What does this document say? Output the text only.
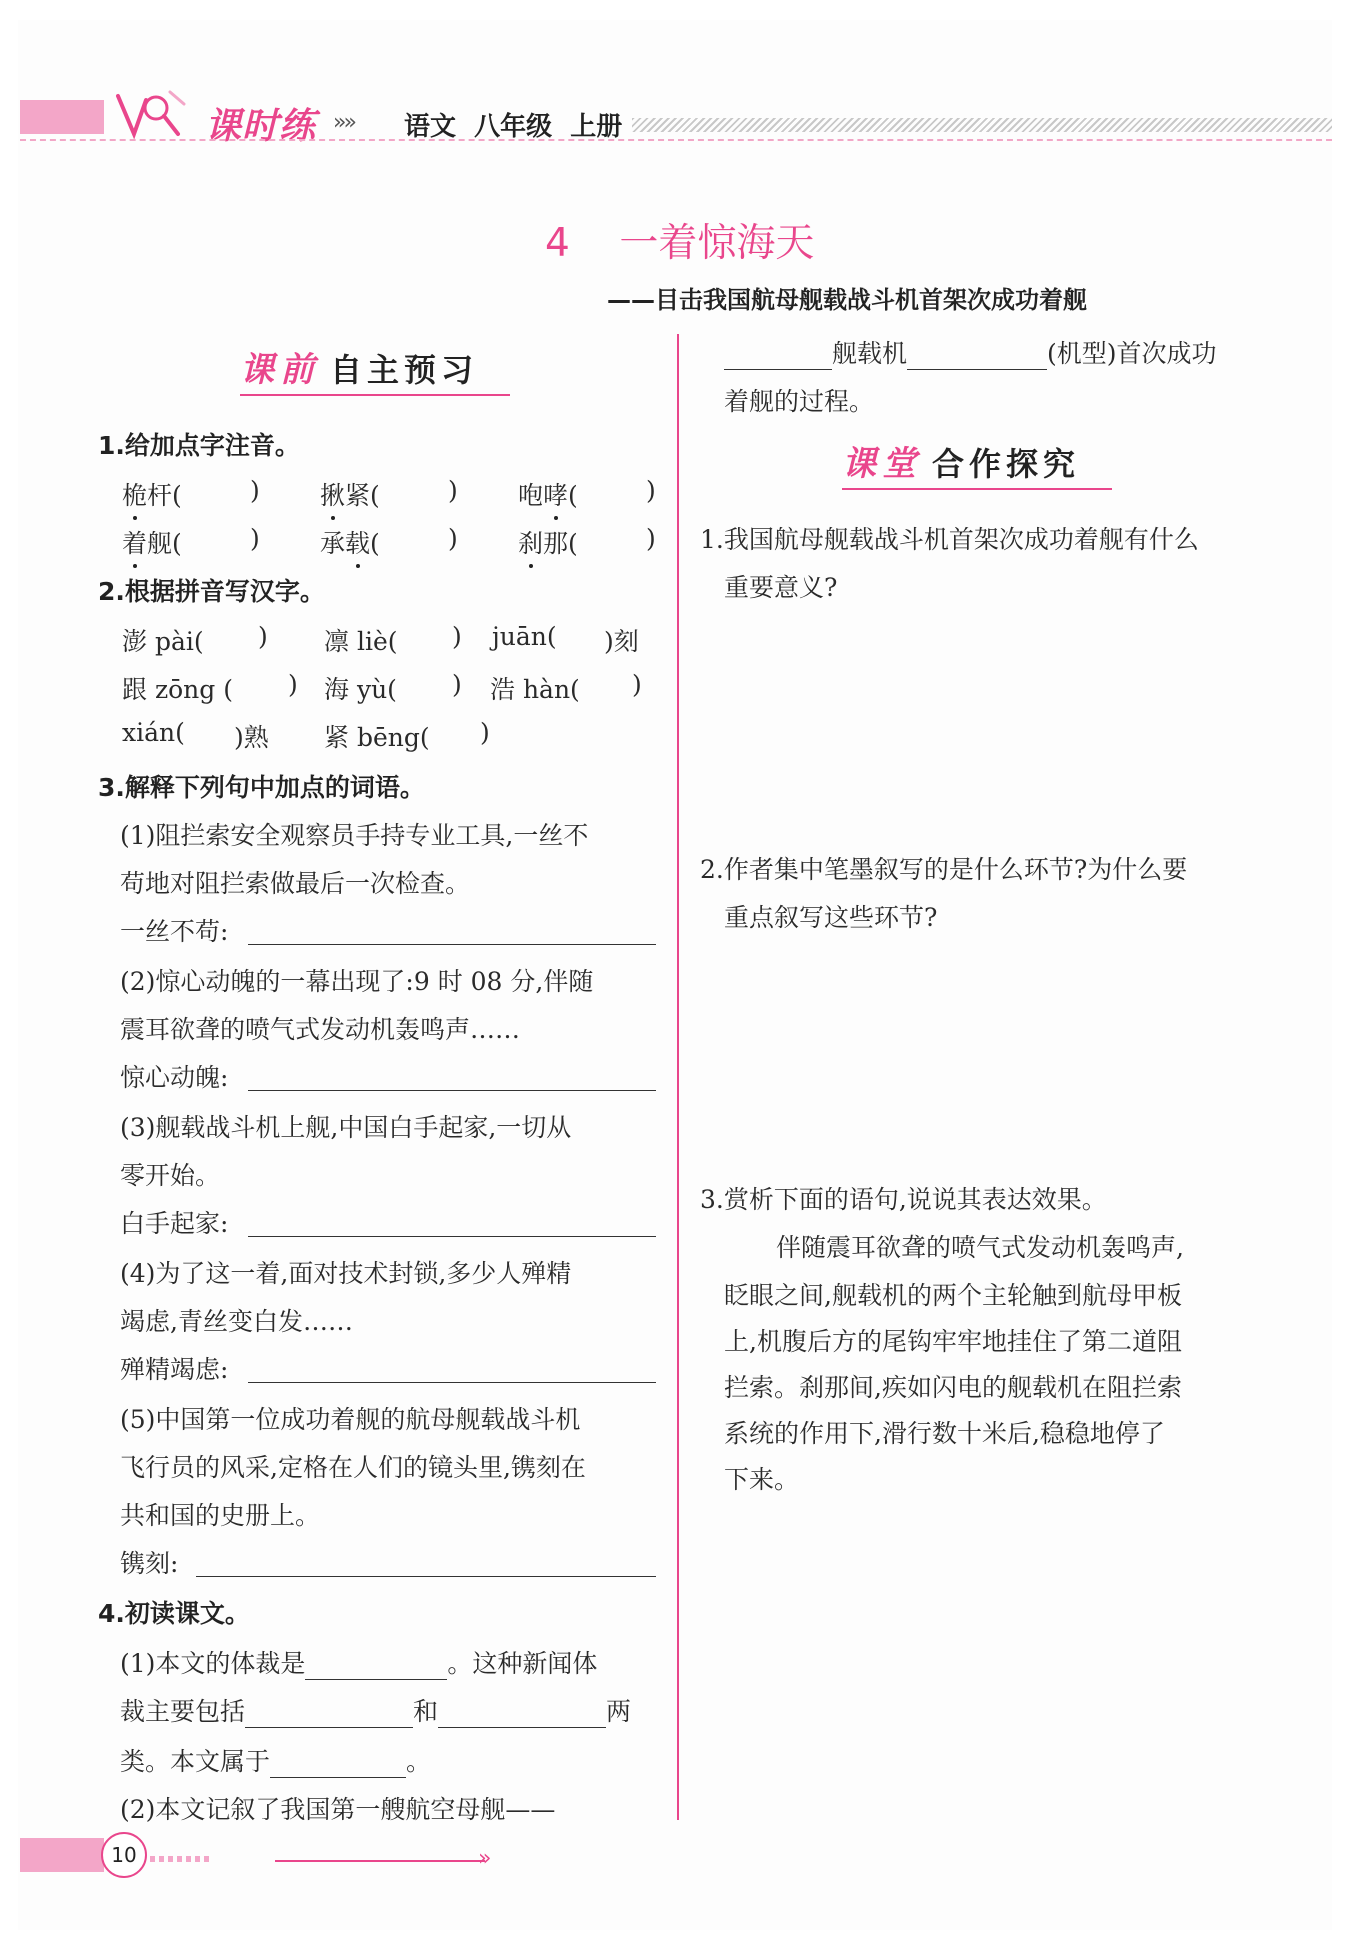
课时练 »» 语文  八年级  上册
4    一着惊海天
——目击我国航母舰载战斗机首架次成功着舰
课前 自主预习
1.给加点字注音。
桅杆(	) 揪紧(	) 咆哮(	)
着舰(	) 承载(	) 刹那(	)
2.根据拼音写汉字。
澎 pài( ) 凛 liè( ) juān( )刻
跟 zōng ( ) 海 yù( ) 浩 hàn( )
xián( )熟 紧 bēng( )
3.解释下列句中加点的词语。
(1)阻拦索安全观察员手持专业工具,一丝不
苟地对阻拦索做最后一次检查。
一丝不苟:
(2)惊心动魄的一幕出现了:9 时 08 分,伴随
震耳欲聋的喷气式发动机轰鸣声……
惊心动魄:
(3)舰载战斗机上舰,中国白手起家,一切从
零开始。
白手起家:
(4)为了这一着,面对技术封锁,多少人殚精
竭虑,青丝变白发……
殚精竭虑:
(5)中国第一位成功着舰的航母舰载战斗机
飞行员的风采,定格在人们的镜头里,镌刻在
共和国的史册上。
镌刻:
4.初读课文。
(1)本文的体裁是	。这种新闻体
裁主要包括	和	两
类。本文属于	。
(2)本文记叙了我国第一艘航空母舰——
舰载机	(机型)首次成功
着舰的过程。
课堂 合作探究
1.我国航母舰载战斗机首架次成功着舰有什么
重要意义?
2.作者集中笔墨叙写的是什么环节?为什么要
重点叙写这些环节?
3.赏析下面的语句,说说其表达效果。
伴随震耳欲聋的喷气式发动机轰鸣声,
眨眼之间,舰载机的两个主轮触到航母甲板
上,机腹后方的尾钩牢牢地挂住了第二道阻
拦索。刹那间,疾如闪电的舰载机在阻拦索
系统的作用下,滑行数十米后,稳稳地停了
下来。
10	»
